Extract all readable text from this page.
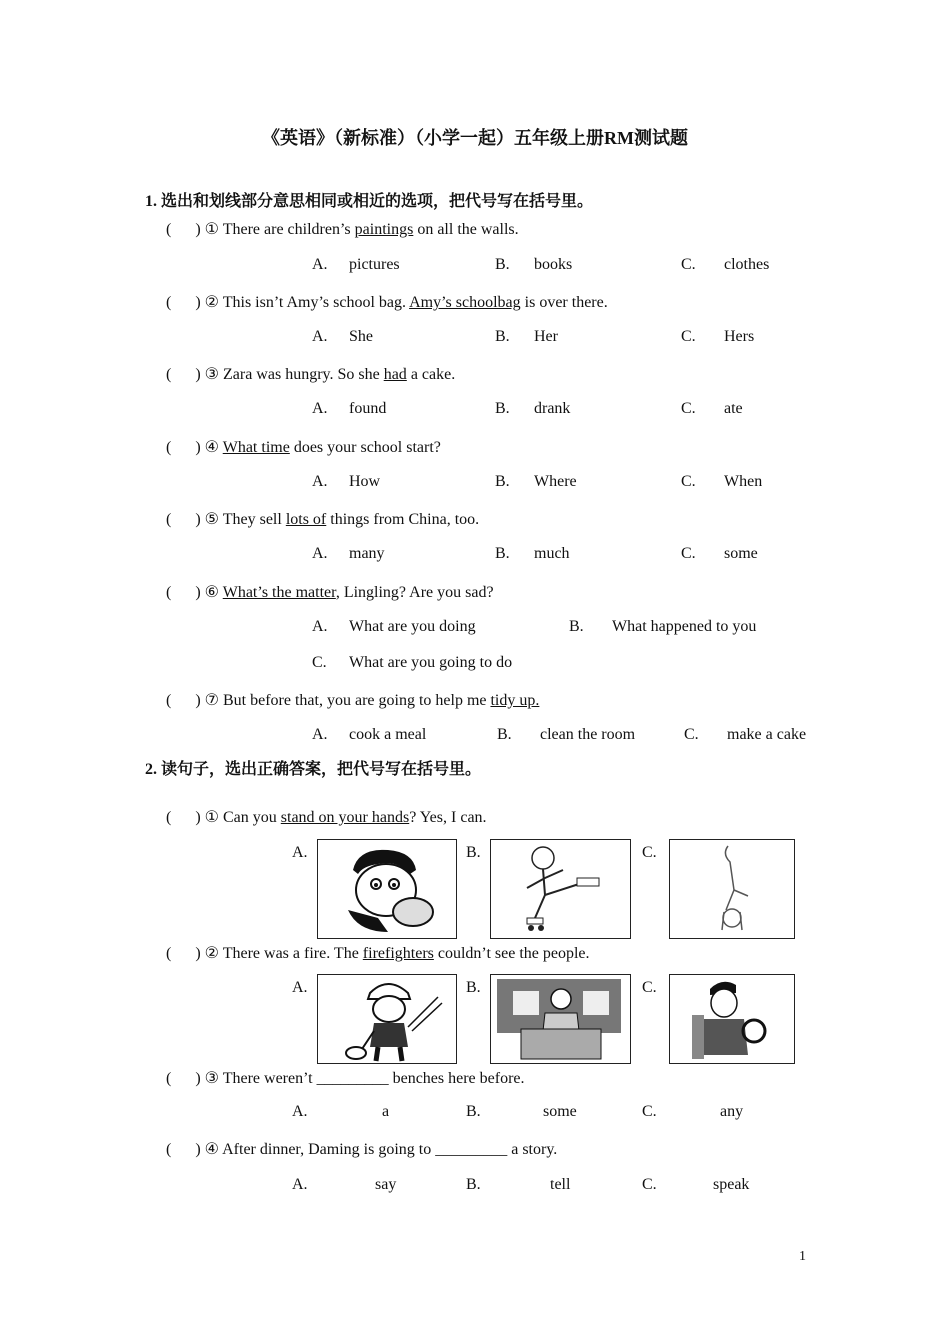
《英语》（新标准）（小学一起）五年级上册RM测试题
1. 选出和划线部分意思相同或相近的选项，把代号写在括号里。
( ) ① There are children’s paintings on all the walls.
A. pictures	B. books	C. clothes
( ) ② This isn’t Amy’s school bag. Amy’s schoolbag is over there.
A. She	B. Her	C. Hers
( ) ③ Zara was hungry. So she had a cake.
A. found	B. drank	C. ate
( ) ④ What time does your school start?
A. How	B. Where	C. When
( ) ⑤ They sell lots of things from China, too.
A. many	B. much	C. some
( ) ⑥ What’s the matter, Lingling? Are you sad?
A. What are you doing	B. What happened to you
C. What are you going to do
( ) ⑦ But before that, you are going to help me tidy up.
A. cook a meal	B. clean the room	C. make a cake
2. 读句子，选出正确答案，把代号写在括号里。
( ) ① Can you stand on your hands? Yes, I can.
A.	B.	C.
( ) ② There was a fire. The firefighters couldn’t see the people.
A.	B.	C.
( ) ③ There weren’t _________ benches here before.
A.	a	B.	some	C.	any
( ) ④ After dinner, Daming is going to _________ a story.
A.	say	B.	tell	C.	speak
1
